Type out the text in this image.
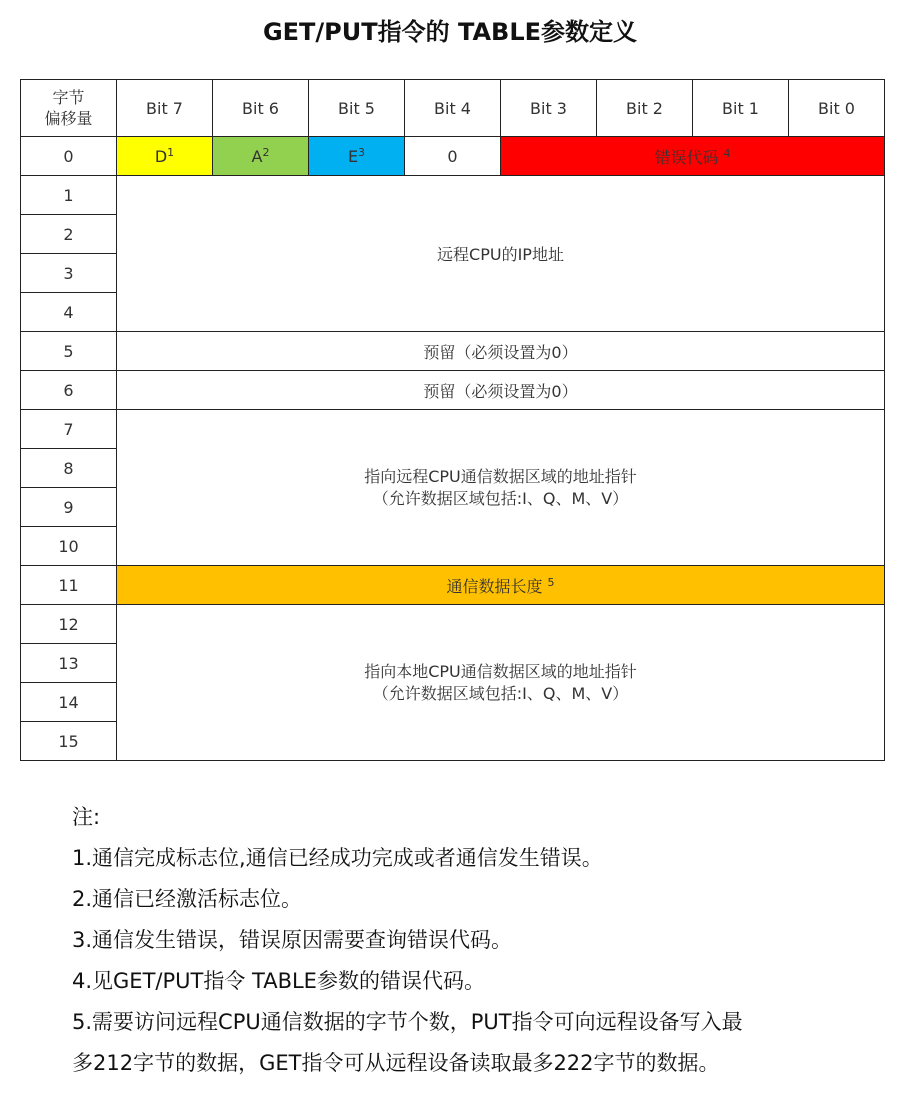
GET/PUT指令的 TABLE参数定义
字节
偏移量	Bit 7	Bit 6	Bit 5	Bit 4	Bit 3	Bit 2	Bit 1	Bit 0
0	$D^1$	$A^2$	$E^3$	0	错误代码 $^4$
1	远程CPU的IP地址							
2								
3								
4								
5	预留（必须设置为0）							
6	预留（必须设置为0）							
7	指向远程CPU通信数据区域的地址指针
（允许数据区域包括:I、Q、M、V）							
8								
9								
10								
11	通信数据长度 $^5$
12	指向本地CPU通信数据区域的地址指针
（允许数据区域包括:I、Q、M、V）							
13								
14								
15								
注:
1.通信完成标志位,通信已经成功完成或者通信发生错误。
2.通信已经激活标志位。
3.通信发生错误，错误原因需要查询错误代码。
4.见GET/PUT指令 TABLE参数的错误代码。
5.需要访问远程CPU通信数据的字节个数，PUT指令可向远程设备写入最
多212字节的数据，GET指令可从远程设备读取最多222字节的数据。
